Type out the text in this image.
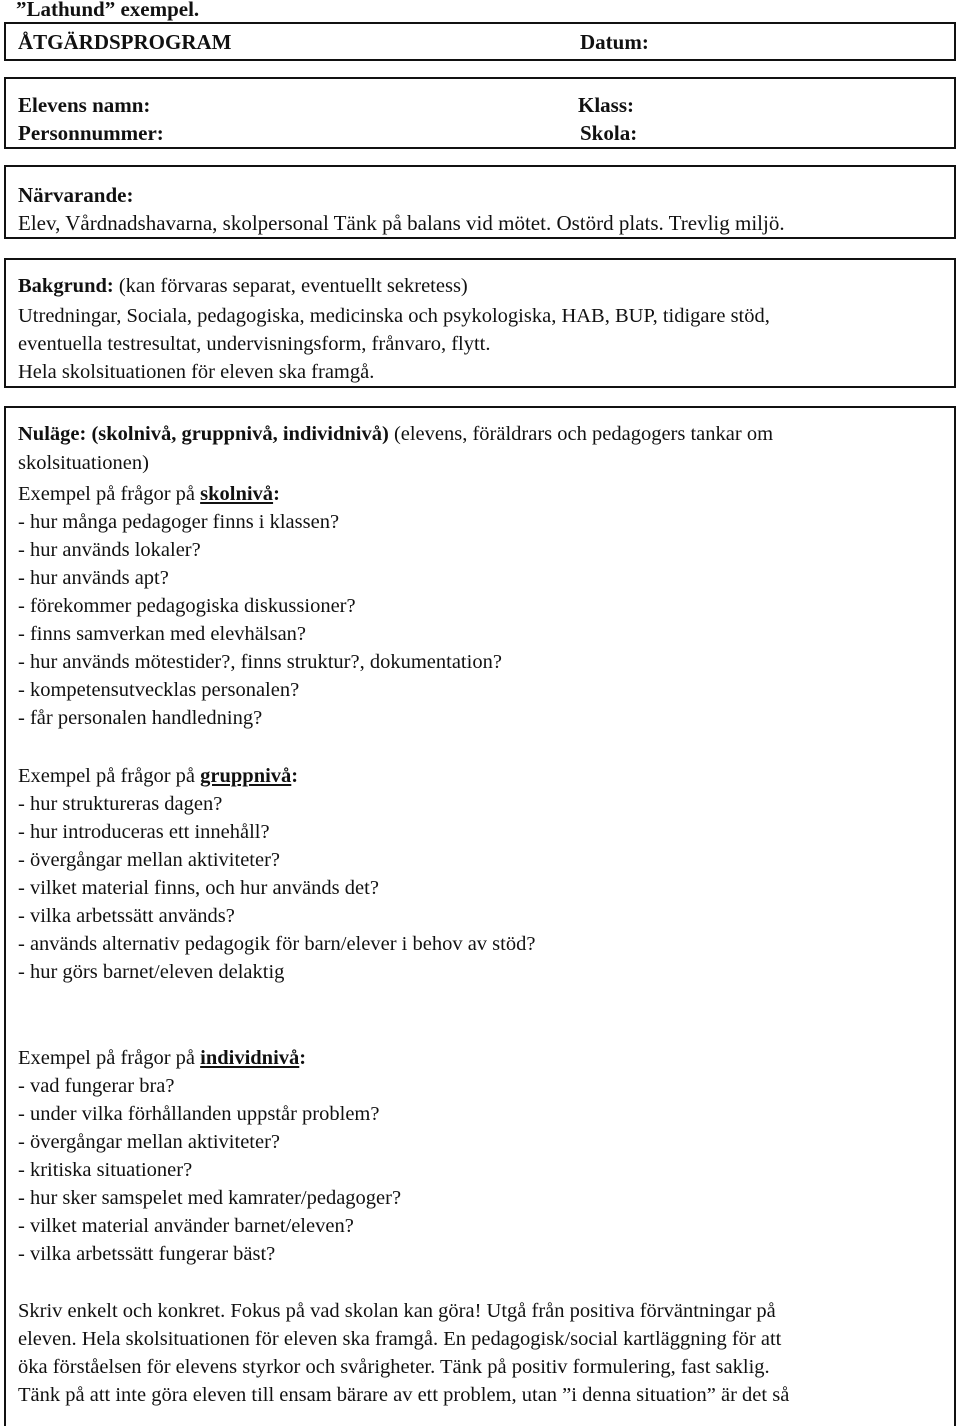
”Lathund” exempel.
ÅTGÄRDSPROGRAM	Datum:
Elevens namn:	Klass:
Personnummer:	Skola:
Närvarande:
Elev, Vårdnadshavarna, skolpersonal Tänk på balans vid mötet. Ostörd plats. Trevlig miljö.
Bakgrund: (kan förvaras separat, eventuellt sekretess)
Utredningar, Sociala, pedagogiska, medicinska och psykologiska, HAB, BUP, tidigare stöd,
eventuella testresultat, undervisningsform, frånvaro, flytt.
Hela skolsituationen för eleven ska framgå.
Nuläge: (skolnivå, gruppnivå, individnivå) (elevens, föräldrars och pedagogers tankar om
skolsituationen)
Exempel på frågor på skolnivå:
- hur många pedagoger finns i klassen?
- hur används lokaler?
- hur används apt?
- förekommer pedagogiska diskussioner?
- finns samverkan med elevhälsan?
- hur används mötestider?, finns struktur?, dokumentation?
- kompetensutvecklas personalen?
- får personalen handledning?
Exempel på frågor på gruppnivå:
- hur struktureras dagen?
- hur introduceras ett innehåll?
- övergångar mellan aktiviteter?
- vilket material finns, och hur används det?
- vilka arbetssätt används?
- används alternativ pedagogik för barn/elever i behov av stöd?
- hur görs barnet/eleven delaktig
Exempel på frågor på individnivå:
- vad fungerar bra?
- under vilka förhållanden uppstår problem?
- övergångar mellan aktiviteter?
- kritiska situationer?
- hur sker samspelet med kamrater/pedagoger?
- vilket material använder barnet/eleven?
- vilka arbetssätt fungerar bäst?
Skriv enkelt och konkret. Fokus på vad skolan kan göra! Utgå från positiva förväntningar på
eleven. Hela skolsituationen för eleven ska framgå. En pedagogisk/social kartläggning för att
öka förståelsen för elevens styrkor och svårigheter. Tänk på positiv formulering, fast saklig.
Tänk på att inte göra eleven till ensam bärare av ett problem, utan ”i denna situation” är det så
